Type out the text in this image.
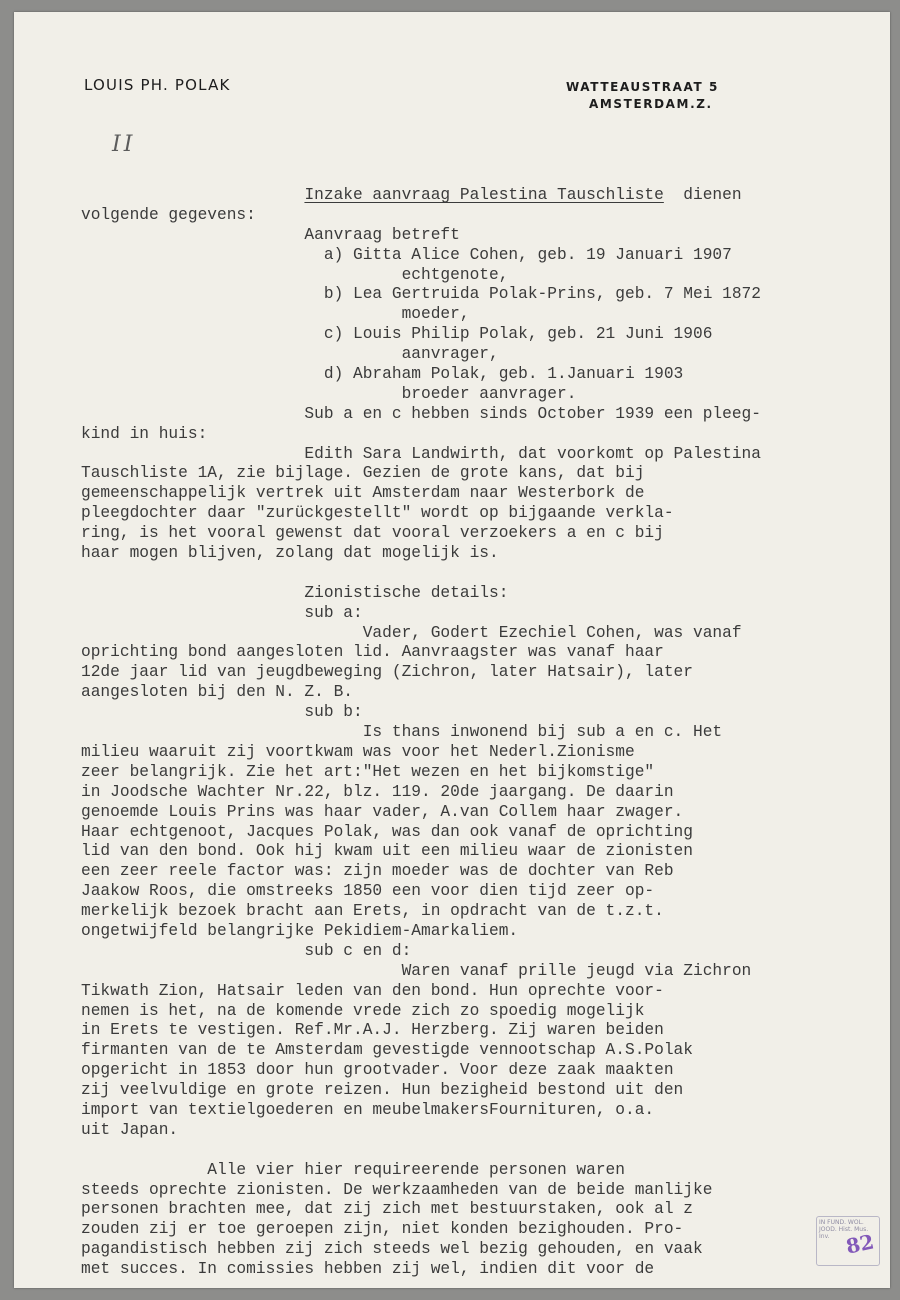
LOUIS PH. POLAK	WATTEAUSTRAAT 5
AMSTERDAM.Z.
II
Inzake aanvraag Palestina Tauschliste  dienen
volgende gegevens:
Aanvraag betreft
a) Gitta Alice Cohen, geb. 19 Januari 1907
echtgenote,
b) Lea Gertruida Polak-Prins, geb. 7 Mei 1872
moeder,
c) Louis Philip Polak, geb. 21 Juni 1906
aanvrager,
d) Abraham Polak, geb. 1.Januari 1903
broeder aanvrager.
Sub a en c hebben sinds October 1939 een pleeg-
kind in huis:
Edith Sara Landwirth, dat voorkomt op Palestina
Tauschliste 1A, zie bijlage. Gezien de grote kans, dat bij
gemeenschappelijk vertrek uit Amsterdam naar Westerbork de
pleegdochter daar "zurückgestellt" wordt op bijgaande verkla-
ring, is het vooral gewenst dat vooral verzoekers a en c bij
haar mogen blijven, zolang dat mogelijk is.
Zionistische details:
sub a:
Vader, Godert Ezechiel Cohen, was vanaf
oprichting bond aangesloten lid. Aanvraagster was vanaf haar
12de jaar lid van jeugdbeweging (Zichron, later Hatsair), later
aangesloten bij den N. Z. B.
sub b:
Is thans inwonend bij sub a en c. Het
milieu waaruit zij voortkwam was voor het Nederl.Zionisme
zeer belangrijk. Zie het art:"Het wezen en het bijkomstige"
in Joodsche Wachter Nr.22, blz. 119. 20de jaargang. De daarin
genoemde Louis Prins was haar vader, A.van Collem haar zwager.
Haar echtgenoot, Jacques Polak, was dan ook vanaf de oprichting
lid van den bond. Ook hij kwam uit een milieu waar de zionisten
een zeer reele factor was: zijn moeder was de dochter van Reb
Jaakow Roos, die omstreeks 1850 een voor dien tijd zeer op-
merkelijk bezoek bracht aan Erets, in opdracht van de t.z.t.
ongetwijfeld belangrijke Pekidiem-Amarkaliem.
sub c en d:
Waren vanaf prille jeugd via Zichron
Tikwath Zion, Hatsair leden van den bond. Hun oprechte voor-
nemen is het, na de komende vrede zich zo spoedig mogelijk
in Erets te vestigen. Ref.Mr.A.J. Herzberg. Zij waren beiden
firmanten van de te Amsterdam gevestigde vennootschap A.S.Polak
opgericht in 1853 door hun grootvader. Voor deze zaak maakten
zij veelvuldige en grote reizen. Hun bezigheid bestond uit den
import van textielgoederen en meubelmakersFournituren, o.a.
uit Japan.
Alle vier hier requireerende personen waren
steeds oprechte zionisten. De werkzaamheden van de beide manlijke
personen brachten mee, dat zij zich met bestuurstaken, ook al z
zouden zij er toe geroepen zijn, niet konden bezighouden. Pro-
pagandistisch hebben zij zich steeds wel bezig gehouden, en vaak
met succes. In comissies hebben zij wel, indien dit voor de
IN FUND. WOL. JOOD. Hist. Mus. Inv. 82
